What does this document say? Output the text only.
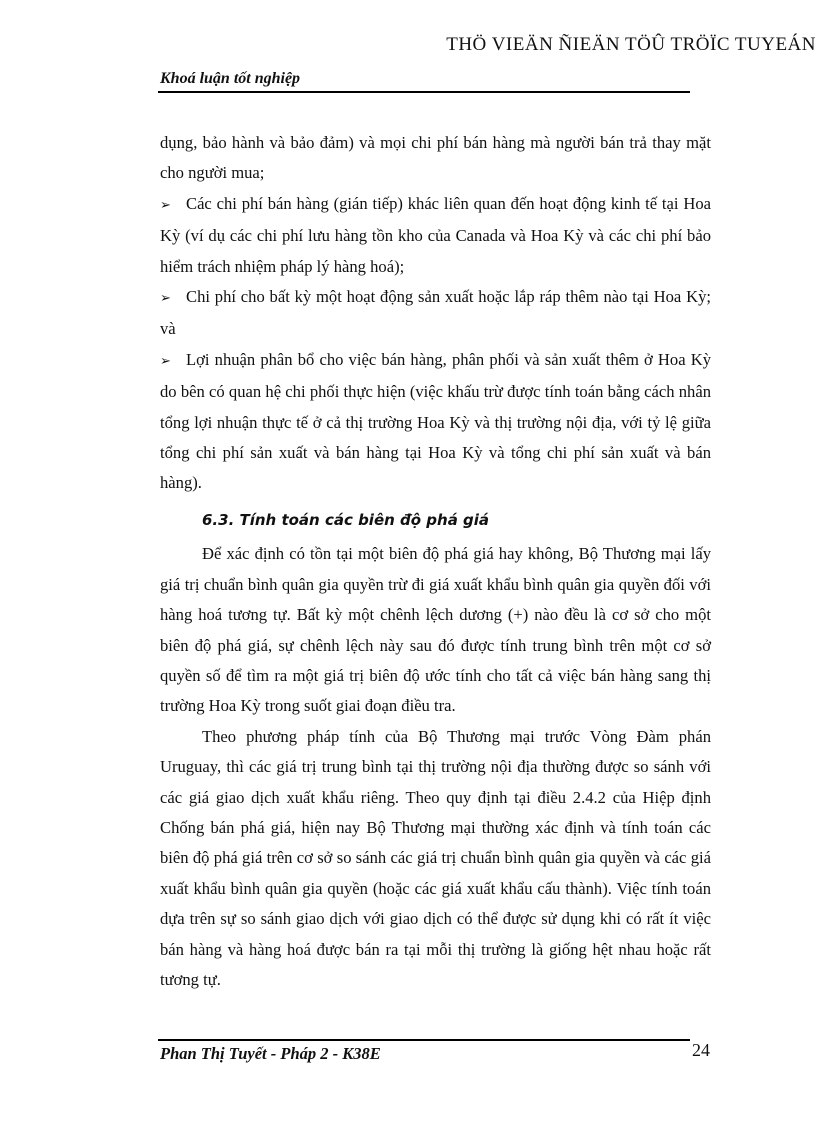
THÖ VIEÄN ÑIEÄN TÖÛ TRÖÏC TUYEÁN
Khoá luận tốt nghiệp

dụng, bảo hành và bảo đảm) và mọi chi phí bán hàng mà người bán trả thay mặt cho người mua;

➢ Các chi phí bán hàng (gián tiếp) khác liên quan đến hoạt động kinh tế tại Hoa Kỳ (ví dụ các chi phí lưu hàng tồn kho của Canada và Hoa Kỳ và các chi phí bảo hiểm trách nhiệm pháp lý hàng hoá);

➢ Chi phí cho bất kỳ một hoạt động sản xuất hoặc lắp ráp thêm nào tại Hoa Kỳ; và

➢ Lợi nhuận phân bổ cho việc bán hàng, phân phối và sản xuất thêm ở Hoa Kỳ do bên có quan hệ chi phối thực hiện (việc khấu trừ được tính toán bằng cách nhân tổng lợi nhuận thực tế ở cả thị trường Hoa Kỳ và thị trường nội địa, với tỷ lệ giữa tổng chi phí sản xuất và bán hàng tại Hoa Kỳ và tổng chi phí sản xuất và bán hàng).

6.3. Tính toán các biên độ phá giá

Để xác định có tồn tại một biên độ phá giá hay không, Bộ Thương mại lấy giá trị chuẩn bình quân gia quyền trừ đi giá xuất khẩu bình quân gia quyền đối với hàng hoá tương tự. Bất kỳ một chênh lệch dương (+) nào đều là cơ sở cho một biên độ phá giá, sự chênh lệch này sau đó được tính trung bình trên một cơ sở quyền số để tìm ra một giá trị biên độ ước tính cho tất cả việc bán hàng sang thị trường Hoa Kỳ trong suốt giai đoạn điều tra.

Theo phương pháp tính của Bộ Thương mại trước Vòng Đàm phán Uruguay, thì các giá trị trung bình tại thị trường nội địa thường được so sánh với các giá giao dịch xuất khẩu riêng. Theo quy định tại điều 2.4.2 của Hiệp định Chống bán phá giá, hiện nay Bộ Thương mại thường xác định và tính toán các biên độ phá giá trên cơ sở so sánh các giá trị chuẩn bình quân gia quyền và các giá xuất khẩu bình quân gia quyền (hoặc các giá xuất khẩu cấu thành). Việc tính toán dựa trên sự so sánh giao dịch với giao dịch có thể được sử dụng khi có rất ít việc bán hàng và hàng hoá được bán ra tại mỗi thị trường là giống hệt nhau hoặc rất tương tự.

Phan Thị Tuyết - Pháp 2 - K38E	24
